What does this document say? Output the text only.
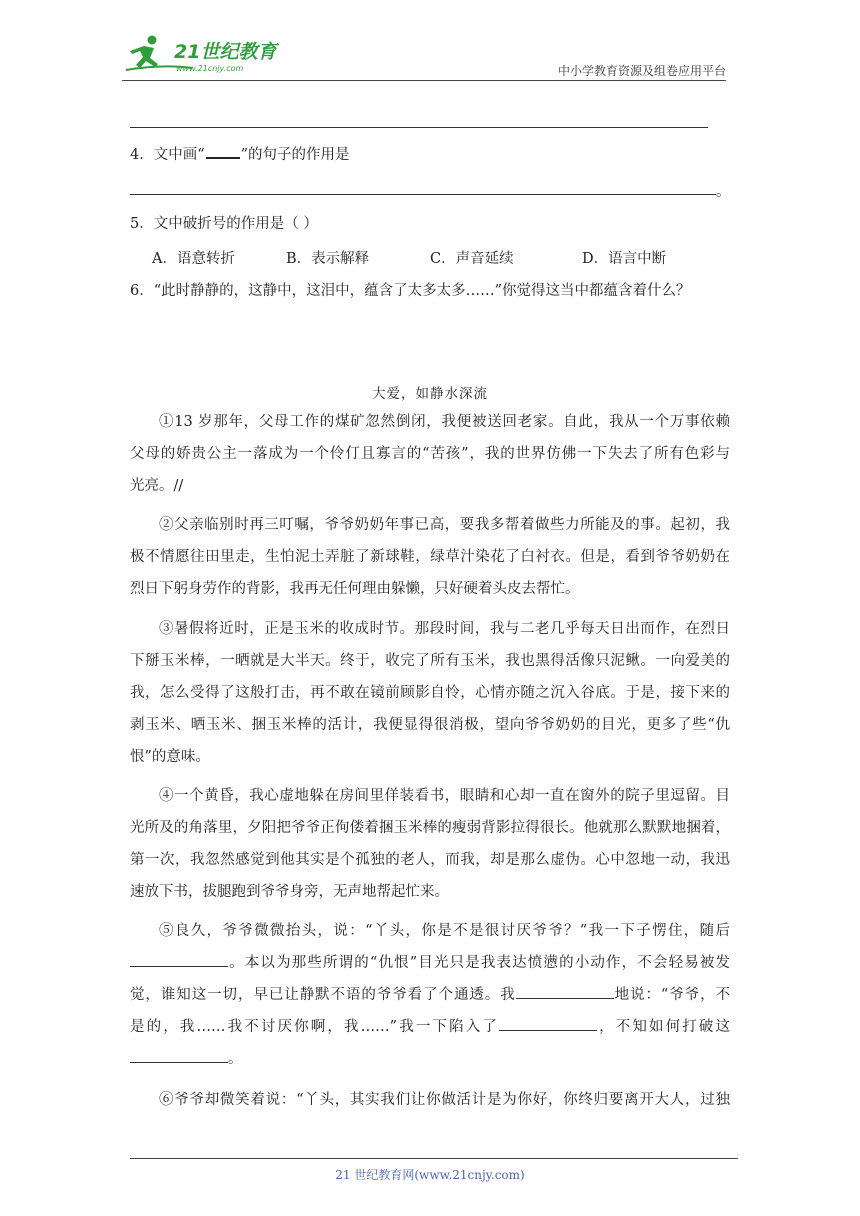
21世纪教育
www.21cnjy.com	中小学教育资源及组卷应用平台
4．文中画“ ”的句子的作用是
。
5．文中破折号的作用是（ ）
A．语意转折	B．表示解释	C．声音延续	D．语言中断
6．“此时静静的，这静中，这泪中，蕴含了太多太多……”你觉得这当中都蕴含着什么？
大爱，如静水深流
①13 岁那年，父母工作的煤矿忽然倒闭，我便被送回老家。自此，我从一个万事依赖
父母的娇贵公主一落成为一个伶仃且寡言的“苦孩”，我的世界仿佛一下失去了所有色彩与
光亮。//
②父亲临别时再三叮嘱，爷爷奶奶年事已高，要我多帮着做些力所能及的事。起初，我
极不情愿往田里走，生怕泥土弄脏了新球鞋，绿草汁染花了白衬衣。但是，看到爷爷奶奶在
烈日下躬身劳作的背影，我再无任何理由躲懒，只好硬着头皮去帮忙。
③暑假将近时，正是玉米的收成时节。那段时间，我与二老几乎每天日出而作，在烈日
下掰玉米棒，一晒就是大半天。终于，收完了所有玉米，我也黑得活像只泥鳅。一向爱美的
我，怎么受得了这般打击，再不敢在镜前顾影自怜，心情亦随之沉入谷底。于是，接下来的
剥玉米、晒玉米、捆玉米棒的活计，我便显得很消极，望向爷爷奶奶的目光，更多了些“仇
恨”的意味。
④一个黄昏，我心虚地躲在房间里佯装看书，眼睛和心却一直在窗外的院子里逗留。目
光所及的角落里，夕阳把爷爷正佝偻着捆玉米棒的瘦弱背影拉得很长。他就那么默默地捆着，
第一次，我忽然感觉到他其实是个孤独的老人，而我，却是那么虚伪。心中忽地一动，我迅
速放下书，拔腿跑到爷爷身旁，无声地帮起忙来。
⑤良久，爷爷微微抬头，说：“丫头，你是不是很讨厌爷爷？”我一下子愣住，随后
。本以为那些所谓的“仇恨”目光只是我表达愤懑的小动作，不会轻易被发
觉，谁知这一切，早已让静默不语的爷爷看了个通透。我	地说：“爷爷，不
是的，我……我不讨厌你啊，我……”我一下陷入了	，不知如何打破这
。
⑥爷爷却微笑着说：“丫头，其实我们让你做活计是为你好，你终归要离开大人，过独
21 世纪教育网(www.21cnjy.com)
